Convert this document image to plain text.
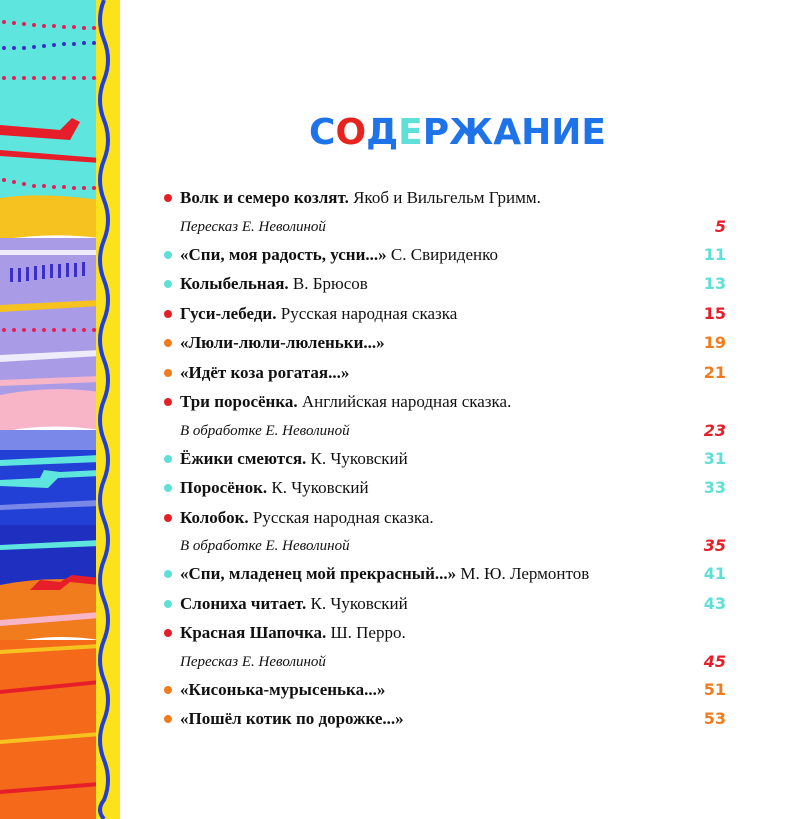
СОДЕРЖАНИЕ
Волк и семеро козлят. Якоб и Вильгельм Гримм.
Пересказ Е. Неволиной	5
«Спи, моя радость, усни...» С. Свириденко	11
Колыбельная. В. Брюсов	13
Гуси-лебеди. Русская народная сказка	15
«Люли-люли-люленьки...»	19
«Идёт коза рогатая...»	21
Три поросёнка. Английская народная сказка.
В обработке Е. Неволиной	23
Ёжики смеются. К. Чуковский	31
Поросёнок. К. Чуковский	33
Колобок. Русская народная сказка.
В обработке Е. Неволиной	35
«Спи, младенец мой прекрасный...» М. Ю. Лермонтов	41
Слониха читает. К. Чуковский	43
Красная Шапочка. Ш. Перро.
Пересказ Е. Неволиной	45
«Кисонька-мурысенька...»	51
«Пошёл котик по дорожке...»	53
